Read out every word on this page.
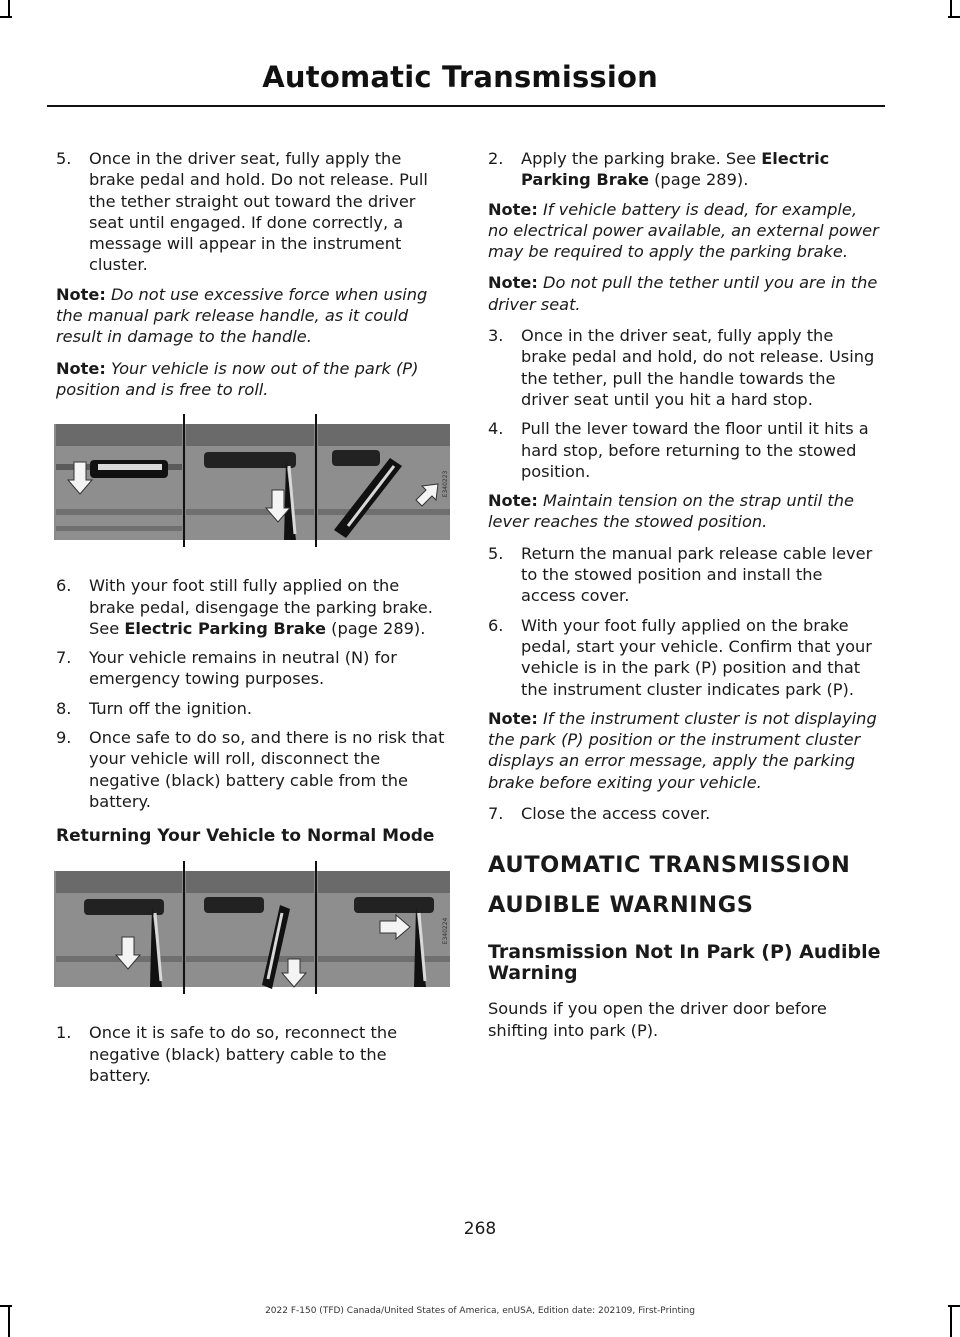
Automatic Transmission
5. Once in the driver seat, fully apply the brake pedal and hold. Do not release. Pull the tether straight out toward the driver seat until engaged. If done correctly, a message will appear in the instrument cluster.

Note: Do not use excessive force when using the manual park release handle, as it could result in damage to the handle.

Note: Your vehicle is now out of the park (P) position and is free to roll.

E340223
6. With your foot still fully applied on the brake pedal, disengage the parking brake. See Electric Parking Brake (page 289).
7. Your vehicle remains in neutral (N) for emergency towing purposes.
8. Turn off the ignition.
9. Once safe to do so, and there is no risk that your vehicle will roll, disconnect the negative (black) battery cable from the battery.
Returning Your Vehicle to Normal Mode
E340224
1. Once it is safe to do so, reconnect the negative (black) battery cable to the battery.
2. Apply the parking brake. See Electric Parking Brake (page 289).

Note: If vehicle battery is dead, for example, no electrical power available, an external power may be required to apply the parking brake.

Note: Do not pull the tether until you are in the driver seat.

3. Once in the driver seat, fully apply the brake pedal and hold, do not release. Using the tether, pull the handle towards the driver seat until you hit a hard stop.
4. Pull the lever toward the floor until it hits a hard stop, before returning to the stowed position.

Note: Maintain tension on the strap until the lever reaches the stowed position.

5. Return the manual park release cable lever to the stowed position and install the access cover.
6. With your foot fully applied on the brake pedal, start your vehicle. Confirm that your vehicle is in the park (P) position and that the instrument cluster indicates park (P).

Note: If the instrument cluster is not displaying the park (P) position or the instrument cluster displays an error message, apply the parking brake before exiting your vehicle.

7. Close the access cover.
AUTOMATIC TRANSMISSION
AUDIBLE WARNINGS
Transmission Not In Park (P) Audible Warning

Sounds if you open the driver door before shifting into park (P).

268
2022 F-150 (TFD) Canada/United States of America, enUSA, Edition date: 202109, First-Printing
